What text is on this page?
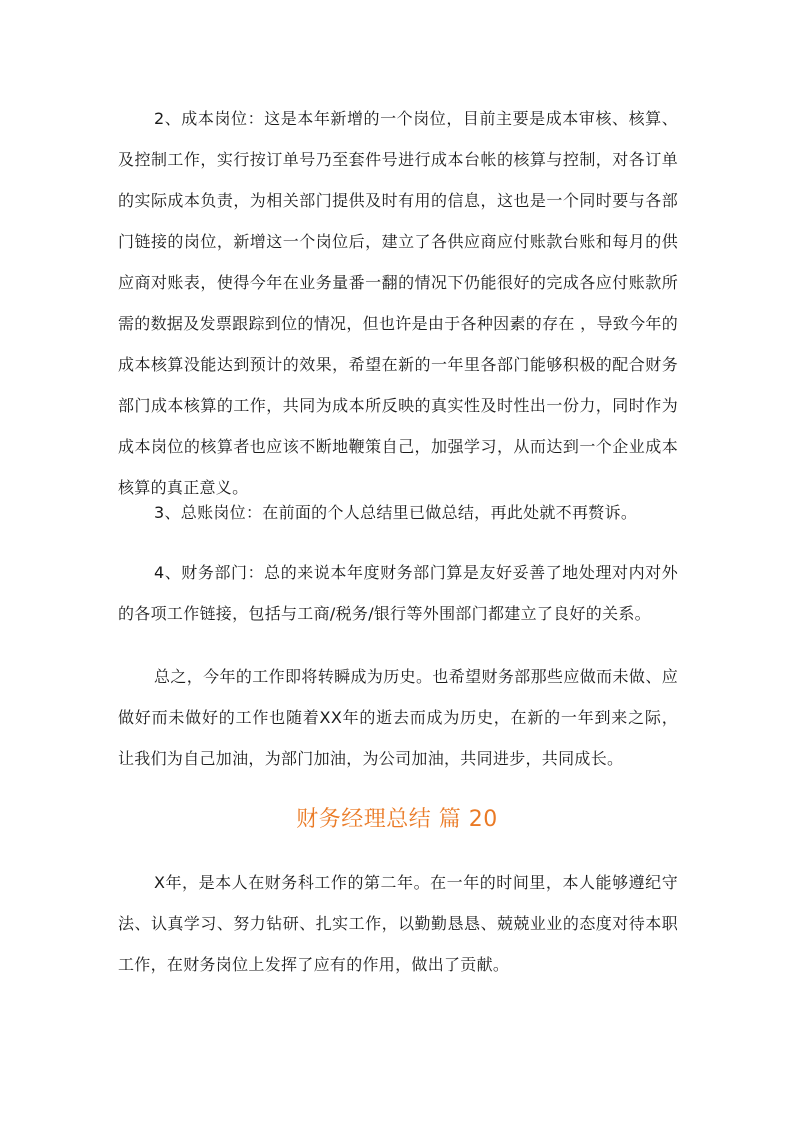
2、成本岗位：这是本年新增的一个岗位，目前主要是成本审核、核算、及控制工作，实行按订单号乃至套件号进行成本台帐的核算与控制，对各订单的实际成本负责，为相关部门提供及时有用的信息，这也是一个同时要与各部门链接的岗位，新增这一个岗位后，建立了各供应商应付账款台账和每月的供应商对账表，使得今年在业务量番一翻的情况下仍能很好的完成各应付账款所需的数据及发票跟踪到位的情况，但也许是由于各种因素的存在 ，导致今年的成本核算没能达到预计的效果，希望在新的一年里各部门能够积极的配合财务部门成本核算的工作，共同为成本所反映的真实性及时性出一份力，同时作为成本岗位的核算者也应该不断地鞭策自己，加强学习，从而达到一个企业成本核算的真正意义。

3、总账岗位：在前面的个人总结里已做总结，再此处就不再赘诉。

4、财务部门：总的来说本年度财务部门算是友好妥善了地处理对内对外的各项工作链接，包括与工商/税务/银行等外围部门都建立了良好的关系。

总之，今年的工作即将转瞬成为历史。也希望财务部那些应做而未做、应做好而未做好的工作也随着XX年的逝去而成为历史，在新的一年到来之际，让我们为自己加油，为部门加油，为公司加油，共同进步，共同成长。

财务经理总结 篇 20

X年，是本人在财务科工作的第二年。在一年的时间里，本人能够遵纪守法、认真学习、努力钻研、扎实工作，以勤勤恳恳、兢兢业业的态度对待本职工作，在财务岗位上发挥了应有的作用，做出了贡献。
